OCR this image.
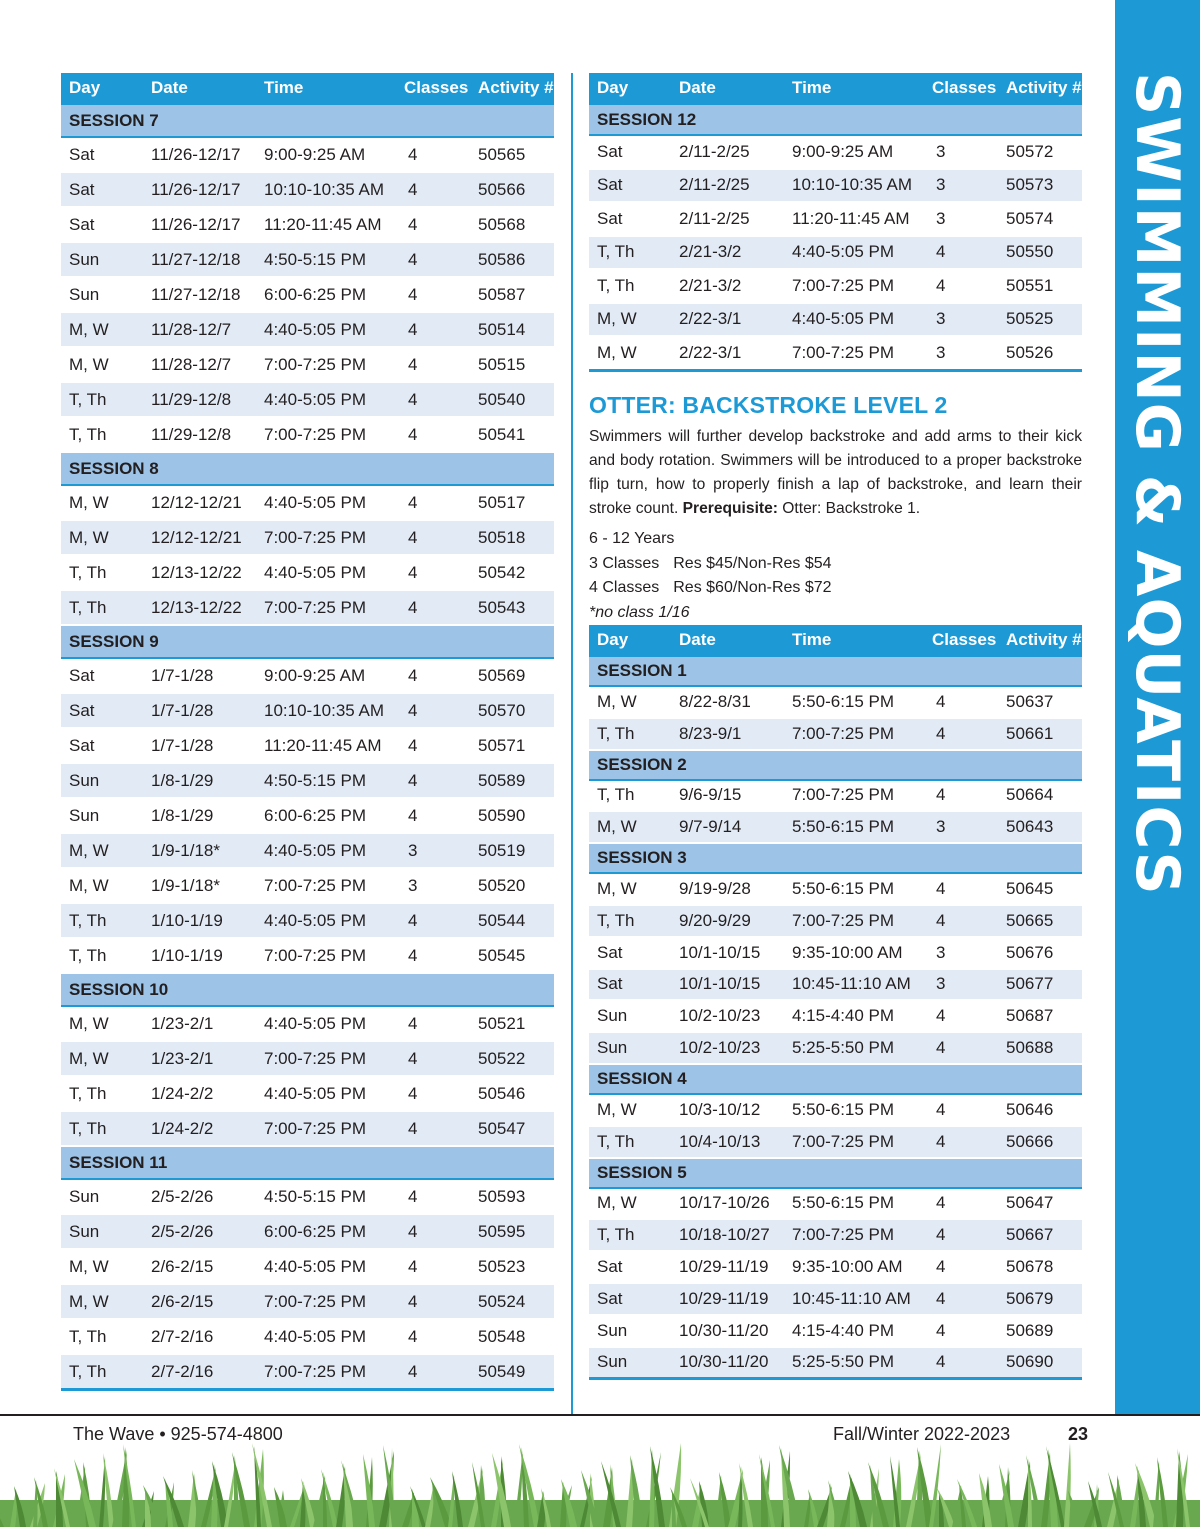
Day	Date	Time	Classes	Activity #
SESSION 7				
Sat	11/26-12/17	9:00-9:25 AM	4	50565
Sat	11/26-12/17	10:10-10:35 AM	4	50566
Sat	11/26-12/17	11:20-11:45 AM	4	50568
Sun	11/27-12/18	4:50-5:15 PM	4	50586
Sun	11/27-12/18	6:00-6:25 PM	4	50587
M, W	11/28-12/7	4:40-5:05 PM	4	50514
M, W	11/28-12/7	7:00-7:25 PM	4	50515
T, Th	11/29-12/8	4:40-5:05 PM	4	50540
T, Th	11/29-12/8	7:00-7:25 PM	4	50541
SESSION 8				
M, W	12/12-12/21	4:40-5:05 PM	4	50517
M, W	12/12-12/21	7:00-7:25 PM	4	50518
T, Th	12/13-12/22	4:40-5:05 PM	4	50542
T, Th	12/13-12/22	7:00-7:25 PM	4	50543
SESSION 9				
Sat	1/7-1/28	9:00-9:25 AM	4	50569
Sat	1/7-1/28	10:10-10:35 AM	4	50570
Sat	1/7-1/28	11:20-11:45 AM	4	50571
Sun	1/8-1/29	4:50-5:15 PM	4	50589
Sun	1/8-1/29	6:00-6:25 PM	4	50590
M, W	1/9-1/18*	4:40-5:05 PM	3	50519
M, W	1/9-1/18*	7:00-7:25 PM	3	50520
T, Th	1/10-1/19	4:40-5:05 PM	4	50544
T, Th	1/10-1/19	7:00-7:25 PM	4	50545
SESSION 10				
M, W	1/23-2/1	4:40-5:05 PM	4	50521
M, W	1/23-2/1	7:00-7:25 PM	4	50522
T, Th	1/24-2/2	4:40-5:05 PM	4	50546
T, Th	1/24-2/2	7:00-7:25 PM	4	50547
SESSION 11				
Sun	2/5-2/26	4:50-5:15 PM	4	50593
Sun	2/5-2/26	6:00-6:25 PM	4	50595
M, W	2/6-2/15	4:40-5:05 PM	4	50523
M, W	2/6-2/15	7:00-7:25 PM	4	50524
T, Th	2/7-2/16	4:40-5:05 PM	4	50548
T, Th	2/7-2/16	7:00-7:25 PM	4	50549
Day	Date	Time	Classes	Activity #
SESSION 12				
Sat	2/11-2/25	9:00-9:25 AM	3	50572
Sat	2/11-2/25	10:10-10:35 AM	3	50573
Sat	2/11-2/25	11:20-11:45 AM	3	50574
T, Th	2/21-3/2	4:40-5:05 PM	4	50550
T, Th	2/21-3/2	7:00-7:25 PM	4	50551
M, W	2/22-3/1	4:40-5:05 PM	3	50525
M, W	2/22-3/1	7:00-7:25 PM	3	50526
OTTER: BACKSTROKE LEVEL 2
Swimmers will further develop backstroke and add arms to their kick and body rotation. Swimmers will be introduced to a proper backstroke flip turn, how to properly finish a lap of backstroke, and learn their stroke count. Prerequisite: Otter: Backstroke 1.
6 - 12 Years
3 Classes Res $45/Non-Res $54
4 Classes Res $60/Non-Res $72
*no class 1/16
Day	Date	Time	Classes	Activity #
SESSION 1				
M, W	8/22-8/31	5:50-6:15 PM	4	50637
T, Th	8/23-9/1	7:00-7:25 PM	4	50661
SESSION 2				
T, Th	9/6-9/15	7:00-7:25 PM	4	50664
M, W	9/7-9/14	5:50-6:15 PM	3	50643
SESSION 3				
M, W	9/19-9/28	5:50-6:15 PM	4	50645
T, Th	9/20-9/29	7:00-7:25 PM	4	50665
Sat	10/1-10/15	9:35-10:00 AM	3	50676
Sat	10/1-10/15	10:45-11:10 AM	3	50677
Sun	10/2-10/23	4:15-4:40 PM	4	50687
Sun	10/2-10/23	5:25-5:50 PM	4	50688
SESSION 4				
M, W	10/3-10/12	5:50-6:15 PM	4	50646
T, Th	10/4-10/13	7:00-7:25 PM	4	50666
SESSION 5				
M, W	10/17-10/26	5:50-6:15 PM	4	50647
T, Th	10/18-10/27	7:00-7:25 PM	4	50667
Sat	10/29-11/19	9:35-10:00 AM	4	50678
Sat	10/29-11/19	10:45-11:10 AM	4	50679
Sun	10/30-11/20	4:15-4:40 PM	4	50689
Sun	10/30-11/20	5:25-5:50 PM	4	50690
SWIMMING & AQUATICS
The Wave • 925-574-4800	Fall/Winter 2022-2023	23
